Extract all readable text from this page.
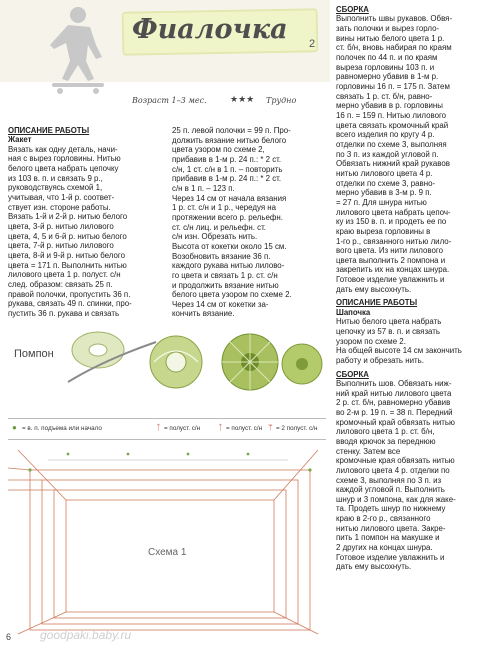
Фиалочка 2
Возраст 1–3 мес.	★★★ Трудно
ОПИСАНИЕ РАБОТЫ
Жакет
Вязать как одну деталь, начи-
ная с вырез горловины. Нитью
белого цвета набрать цепочку
из 103 в. п. и связать 9 р.,
руководствуясь схемой 1,
учитывая, что 1-й р. соответ-
ствует изн. стороне работы.
Вязать 1-й и 2-й р. нитью белого
цвета, 3-й р. нитью лилового
цвета, 4, 5 и 6-й р. нитью белого
цвета, 7-й р. нитью лилового
цвета, 8-й и 9-й р. нитью белого
цвета = 171 п. Выполнить нитью
лилового цвета 1 р. полуст. с/н
след. образом: связать 25 п.
правой полочки, пропустить 36 п.
рукава, связать 49 п. спинки, про-
пустить 36 п. рукава и связать
25 п. левой полочки = 99 п. Про-
должить вязание нитью белого
цвета узором по схеме 2,
прибавив в 1-м р. 24 п.: * 2 ст.
с/н, 1 ст. с/н в 1 п. – повторить
прибавив в 1-м р. 24 п.: * 2 ст.
с/н в 1 п. – 123 п.
Через 14 см от начала вязания
1 р. ст. с/н и 1 р., чередуя на
протяжении всего р. рельефн.
ст. с/н лиц. и рельефн. ст.
с/н изн. Обрезать нить.
Высота от кокетки около 15 см.
Возобновить вязание 36 п.
каждого рукава нитью лилово-
го цвета и связать 1 р. ст. с/н
и продолжить вязание нитью
белого цвета узором по схеме 2.
Через 14 см от кокетки за-
кончить вязание.
СБОРКА
Выполнить швы рукавов. Обвя-
зать полочки и вырез горло-
вины нитью белого цвета 1 р.
ст. б/н, вновь набирая по краям
полочек по 44 п. и по краям
выреза горловины 103 п. и
равномерно убавив в 1-м р.
горловины 16 п. = 175 п. Затем
связать 1 р. ст. б/н, равно-
мерно убавив в р. горловины
16 п. = 159 п. Нитью лилового
цвета связать кромочный край
всего изделия по кругу 4 р.
отделки по схеме 3, выполняя
по 3 п. из каждой угловой п.
Обвязать нижний край рукавов
нитью лилового цвета 4 р.
отделки по схеме 3, равно-
мерно убавив в 3-м р. 9 п.
= 27 п. Для шнура нитью
лилового цвета набрать цепоч-
ку из 150 в. п. и продеть ее по
краю выреза горловины в
1-го р., связанного нитью лило-
вого цвета. Из нити лилового
цвета выполнить 2 помпона и
закрепить их на концах шнура.
Готовое изделие увлажнить и
дать ему высохнуть.
ОПИСАНИЕ РАБОТЫ
Шапочка
Нитью белого цвета набрать
цепочку из 57 в. п. и связать
узором по схеме 2.
На общей высоте 14 см закончить
работу и обрезать нить.
СБОРКА
Выполнить шов. Обвязать ниж-
ний край нитью лилового цвета
2 р. ст. б/н, равномерно убавив
во 2-м р. 19 п. = 38 п. Передний
кромочный край обвязать нитью
лилового цвета 1 р. ст. б/н,
вводя крючок за переднюю
стенку. Затем все
кромочные края обвязать нитью
лилового цвета 4 р. отделки по
схеме 3, выполняя по 3 п. из
каждой угловой п. Выполнить
шнур и 3 помпона, как для жаке-
та. Продеть шнур по нижнему
краю в 2-го р., связанного
нитью лилового цвета. Закре-
пить 1 помпон на макушке и
2 других на концах шнура.
Готовое изделие увлажнить и
дать ему высохнуть.
Помпон
● = в. п. подъема или начало	ᛏ = полуст. с/н ᛏ = полуст. с/н ᛘ = 2 полуст. с/н
Схема 1
goodpaki.baby.ru
6
